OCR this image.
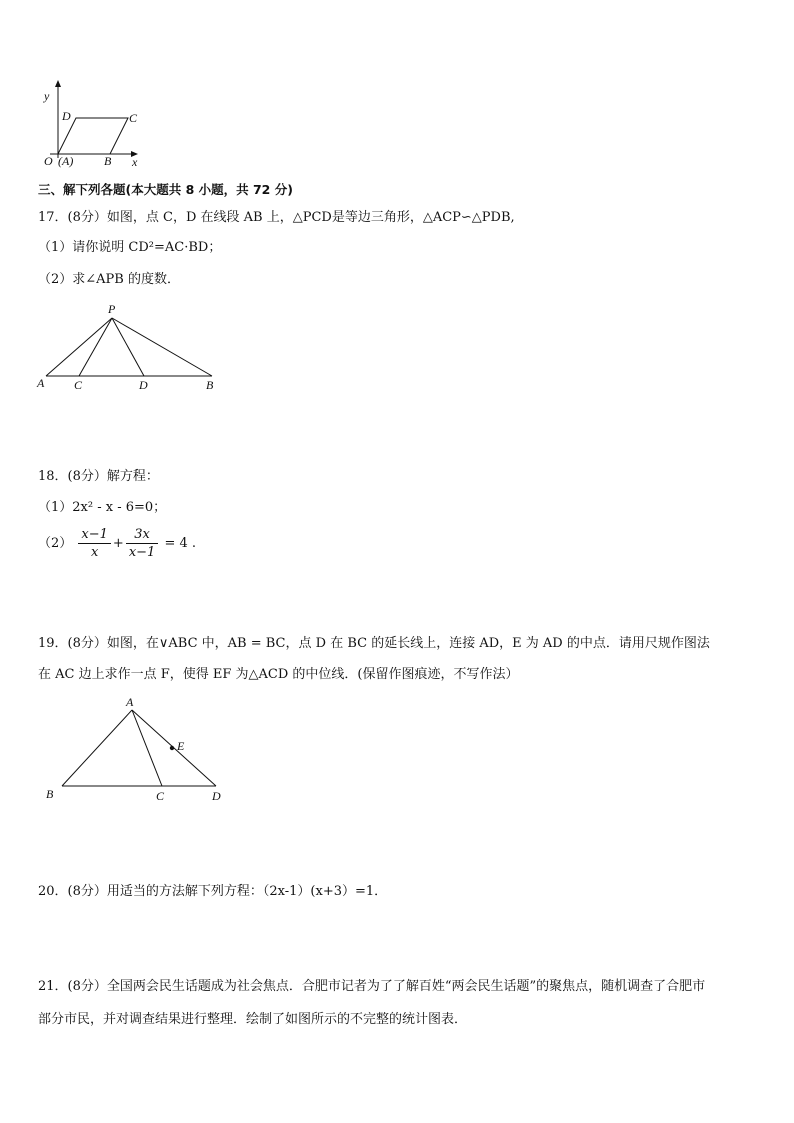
y
x
O (A)	B
C
D
三、解下列各题(本大题共 8 小题，共 72 分)
17．(8分）如图，点 C，D 在线段 AB 上，△PCD是等边三角形，△ACP∽△PDB,
（1）请你说明 CD²=AC·BD；
（2）求∠APB 的度数．
P
A C	D	B
18．(8分）解方程：
（1）2x² - x - 6=0；
$(2) \frac{x-1}{x} + \frac{3x}{x-1} = 4$ .
19．(8分）如图，在∨ABC 中，AB = BC，点 D 在 BC 的延长线上，连接 AD，E 为 AD 的中点．请用尺规作图法
在 AC 边上求作一点 F，使得 EF 为△ACD 的中位线．(保留作图痕迹，不写作法）
A
E
B	C	D
20．(8分）用适当的方法解下列方程：（2x-1）(x+3）=1．
21．(8分）全国两会民生话题成为社会焦点．合肥市记者为了了解百姓“两会民生话题”的聚焦点，随机调查了合肥市
部分市民，并对调查结果进行整理．绘制了如图所示的不完整的统计图表．
